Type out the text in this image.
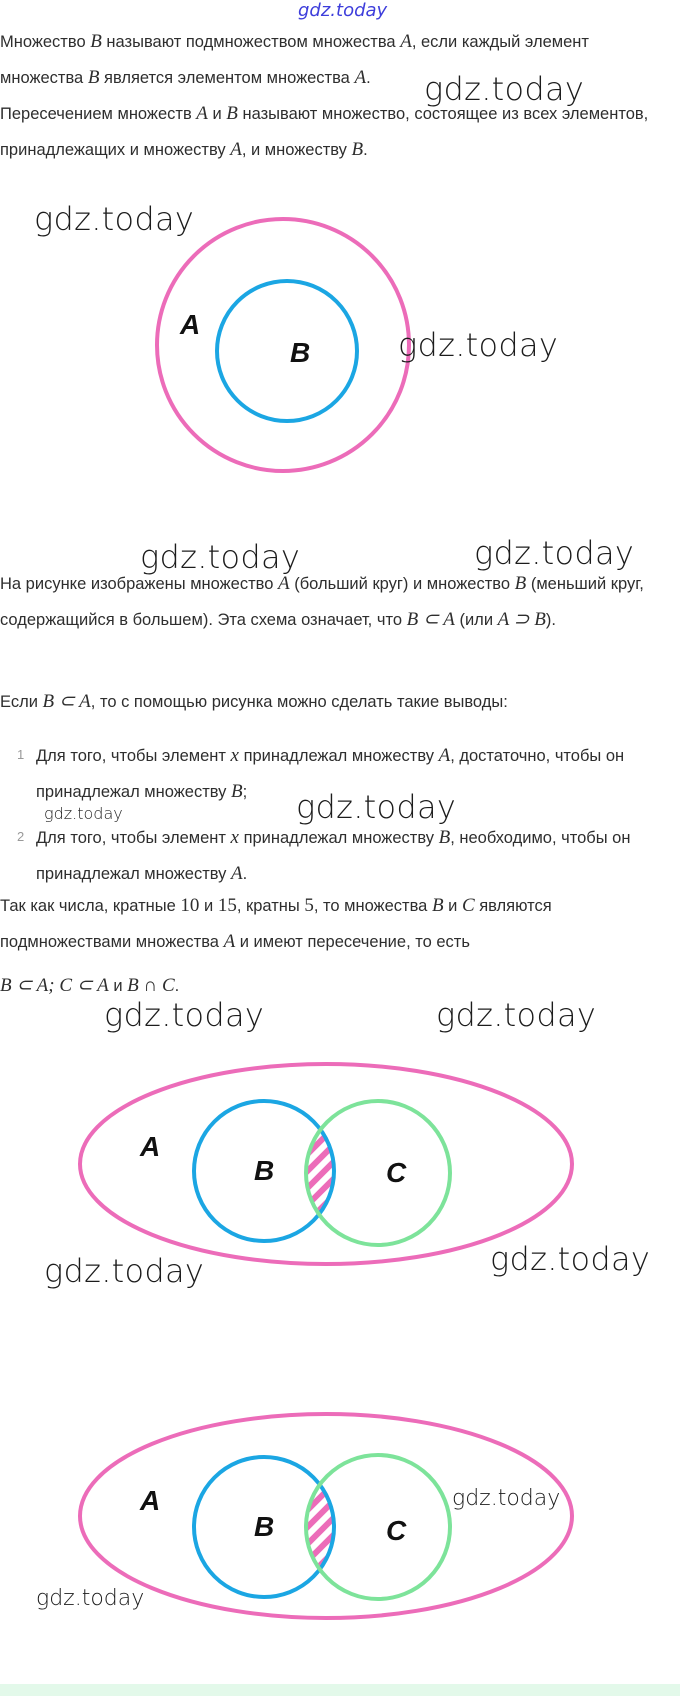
gdz.today
Множество B называют подмножеством множества A, если каждый элемент множества B является элементом множества A.	gdz.today
Пересечением множеств A и B называют множество, состоящее из всех элементов, принадлежащих и множеству A, и множеству B.
gdz.today
A
B	gdz.today
gdz.today	gdz.today
На рисунке изображены множество A (больший круг) и множество B (меньший круг, содержащийся в большем). Эта схема означает, что B ⊂ A (или A ⊃ B).
Если B ⊂ A, то с помощью рисунка можно сделать такие выводы:
1 Для того, чтобы элемент x принадлежал множеству A, достаточно, чтобы он принадлежал множеству B;
gdz.today	gdz.today
2 Для того, чтобы элемент x принадлежал множеству B, необходимо, чтобы он принадлежал множеству A.
Так как числа, кратные 10 и 15, кратны 5, то множества B и C являются подмножествами множества A и имеют пересечение, то есть
B ⊂ A; C ⊂ A и B ∩ C.
gdz.today	gdz.today
A
B	C
gdz.today	gdz.today
A
B	C
gdz.today
gdz.today
